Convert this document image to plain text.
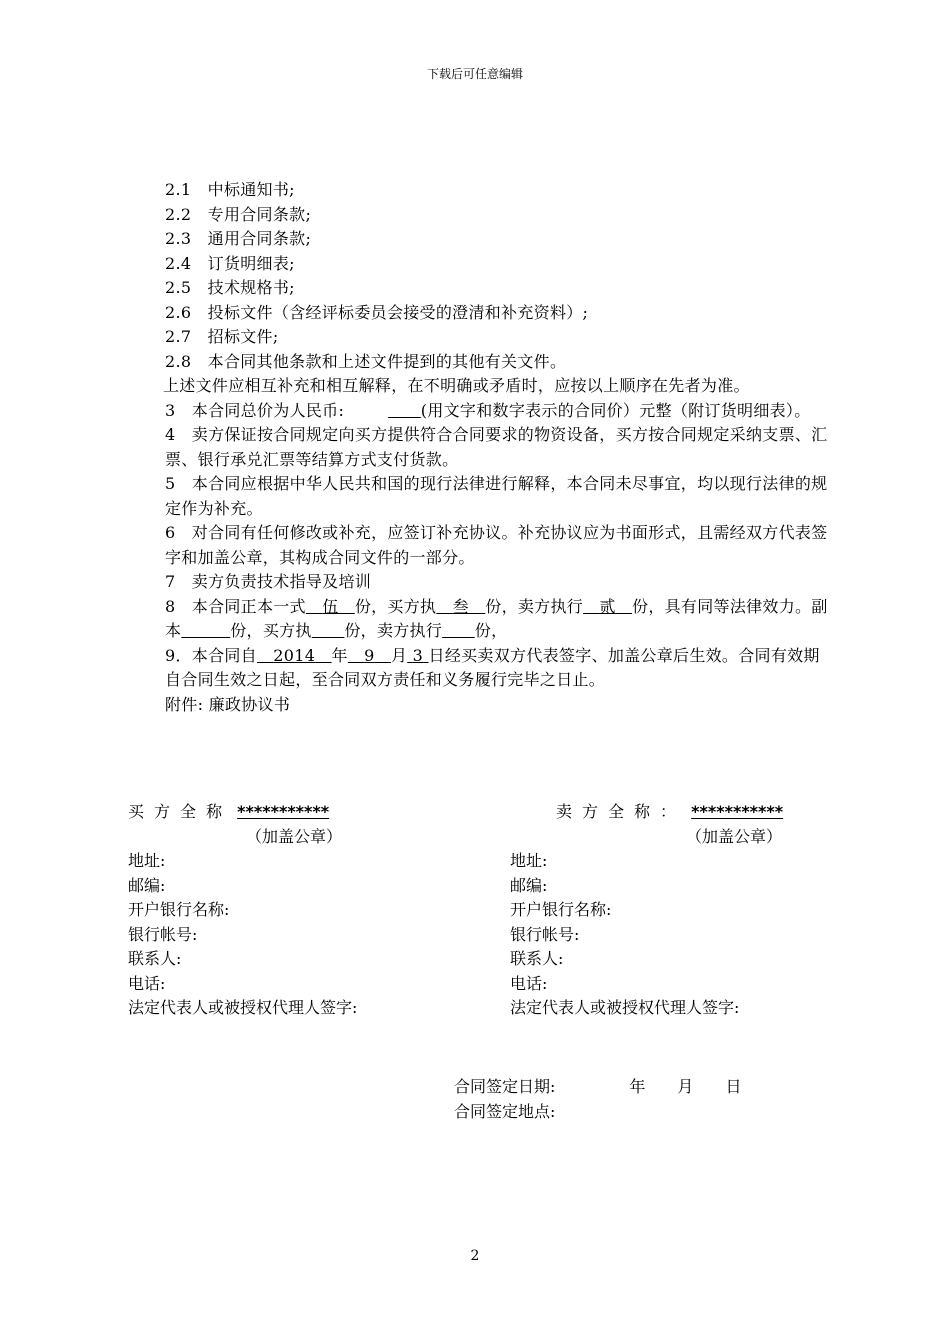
下载后可任意编辑

2.1　中标通知书;

2.2　专用合同条款;

2.3　通用合同条款;

2.4　订货明细表;

2.5　技术规格书;

2.6　投标文件（含经评标委员会接受的澄清和补充资料）;

2.7　招标文件;

2.8　本合同其他条款和上述文件提到的其他有关文件。

上述文件应相互补充和相互解释，在不明确或矛盾时，应按以上顺序在先者为准。

3　本合同总价为人民币:　　	(用文字和数字表示的合同价）元整（附订货明细表）。

4　卖方保证按合同规定向买方提供符合合同要求的物资设备，买方按合同规定采纳支票、汇票、银行承兑汇票等结算方式支付货款。

5　本合同应根据中华人民共和国的现行法律进行解释，本合同未尽事宜，均以现行法律的规定作为补充。

6　对合同有任何修改或补充，应签订补充协议。补充协议应为书面形式，且需经双方代表签字和加盖公章，其构成合同文件的一部分。

7　卖方负责技术指导及培训

8　本合同正本一式　 伍　 份，买方执　 叁　 份，卖方执行　 贰　 份，具有同等法律效力。副本　　　	份，买方执　　 份，卖方执行　　 份，

9．本合同自　 2014　 年　 9　 月 3 日经买卖双方代表签字、加盖公章后生效。合同有效期自合同生效之日起，至合同双方责任和义务履行完毕之日止。

附件: 廉政协议书

买方全称 ***********
（加盖公章）

地址:

邮编:

开户银行名称:

银行帐号:

联系人:

电话:

法定代表人或被授权代理人签字:

卖方全称： ***********
（加盖公章）

地址:

邮编:

开户银行名称:

银行帐号:

联系人:

电话:

法定代表人或被授权代理人签字:

合同签定日期:	年 月 日

合同签定地点:

2
